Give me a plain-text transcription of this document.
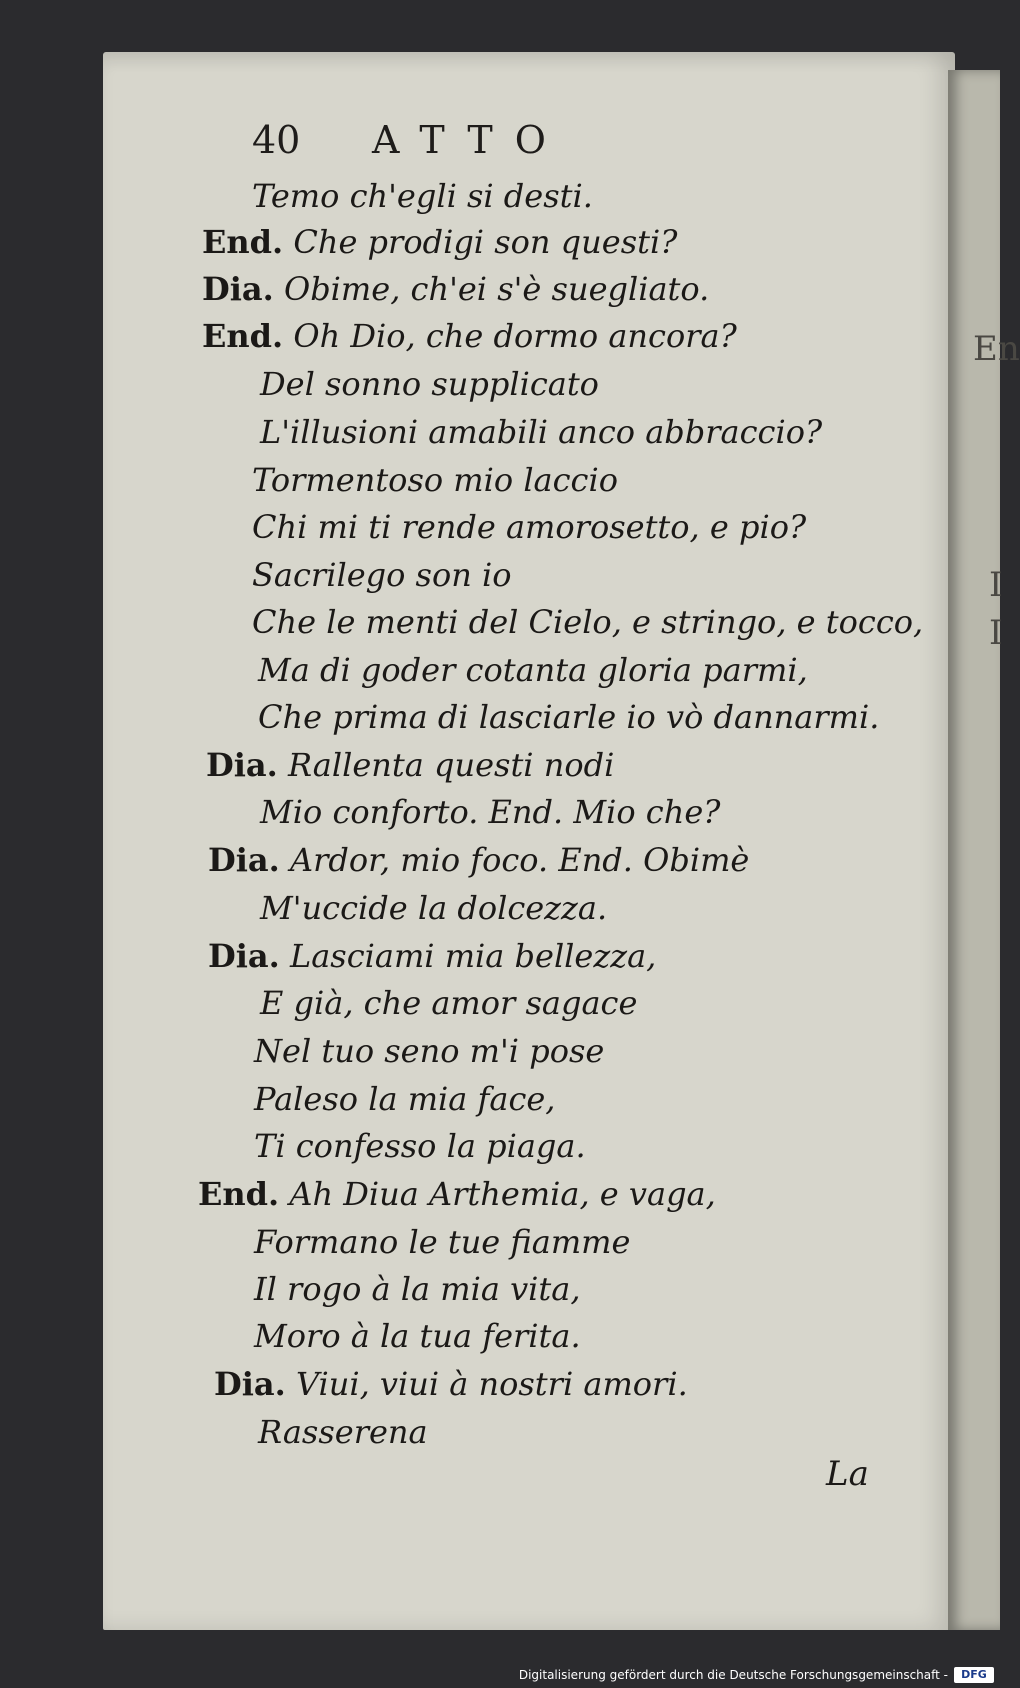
En
I
I
40 ATTO
Temo ch'egli si desti.
End. Che prodigi son questi?
Dia. Obime, ch'ei s'è suegliato.
End. Oh Dio, che dormo ancora?
Del sonno supplicato
L'illusioni amabili anco abbraccio?
Tormentoso mio laccio
Chi mi ti rende amorosetto, e pio?
Sacrilego son io
Che le menti del Cielo, e stringo, e tocco,
Ma di goder cotanta gloria parmi,
Che prima di lasciarle io vò dannarmi.
Dia. Rallenta questi nodi
Mio conforto. End. Mio che?
Dia. Ardor, mio foco. End. Obimè
M'uccide la dolcezza.
Dia. Lasciami mia bellezza,
E già, che amor sagace
Nel tuo seno m'i pose
Paleso la mia face,
Ti confesso la piaga.
End. Ah Diua Arthemia, e vaga,
Formano le tue fiamme
Il rogo à la mia vita,
Moro à la tua ferita.
Dia. Viui, viui à nostri amori.
Rasserena
La
Digitalisierung gefördert durch die Deutsche Forschungsgemeinschaft -	DFG
